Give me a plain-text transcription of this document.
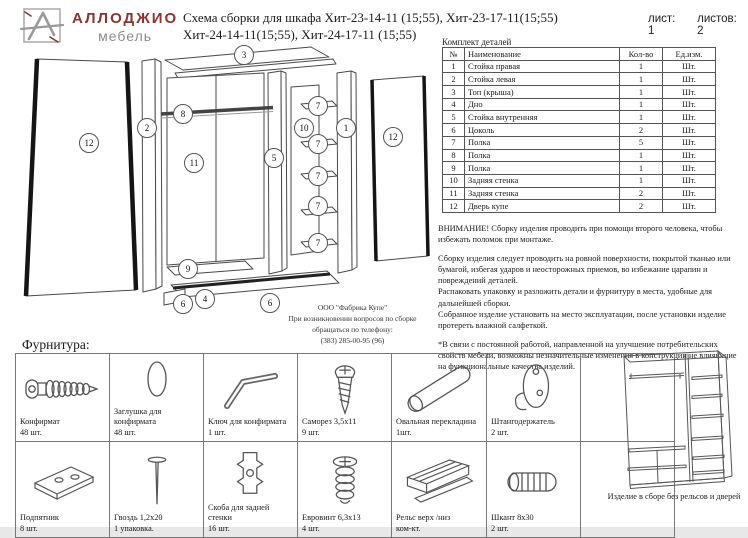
АЛЛОДЖИО
мебель
Схема сборки для шкафа Хит-23-14-11 (15;55), Хит-23-17-11(15;55)
Хит-24-14-11(15;55), Хит-24-17-11 (15;55)
лист: 1
листов: 2
3
8
2
12
11
7
10	1
12
5
7
7
7
7
9
6 4	6	ООО "Фабрика Купе"
При возникновении вопросов по сборке
обращаться по телефону:
(383) 285-00-95 (96)
Комплект деталей
№	Наименование	Кол-во	Ед.изм.
1	Стойка правая	1	Шт.
2	Стойка левая	1	Шт.
3	Топ (крыша)	1	Шт.
4	Дно	1	Шт.
5	Стойка внутренняя	1	Шт.
6	Цоколь	2	Шт.
7	Полка	5	Шт.
8	Полка	1	Шт.
9	Полка	1	Шт.
10	Задняя стенка	1	Шт.
11	Задняя стенка	2	Шт.
12	Дверь купе	2	Шт.

ВНИМАНИЕ! Сборку изделия проводить при помощи второго человека, чтобы избежать поломок при монтаже.

Сборку изделия следует проводить на ровной поверхности, покрытой тканью или бумагой, избегая ударов и неосторожных приемов, во избежание царапин и повреждений деталей.

Распаковать упаковку и разложить детали и фурнитуру в места, удобные для дальнейшей сборки.

Собранное изделие установить на место эксплуатации, после установки изделие протереть влажной салфеткой.

*В связи с постоянной работой, направленной на улучшение потребительских свойств мебели, возможны незначительные изменения в конструкции не влияющие на функциональные качества изделий.

Фурнитура:
Конфирмат
48 шт.

Заглушка для конфирмата
48 шт.

Ключ для конфирмата
1 шт.

Саморез 3,5х11
9 шт.

Овальная перекладина
1шт.

Штангодержатель
2 шт.

Подпятник
8 шт.

Гвоздь 1,2х20
1 упаковка.

Скоба для задней стенки
16 шт.

Евровинт 6,3х13
4 шт.

Рельс верх /низ
ком-кт.

Шкант 8х30
2 шт.

Изделие в сборе без рельсов и дверей
